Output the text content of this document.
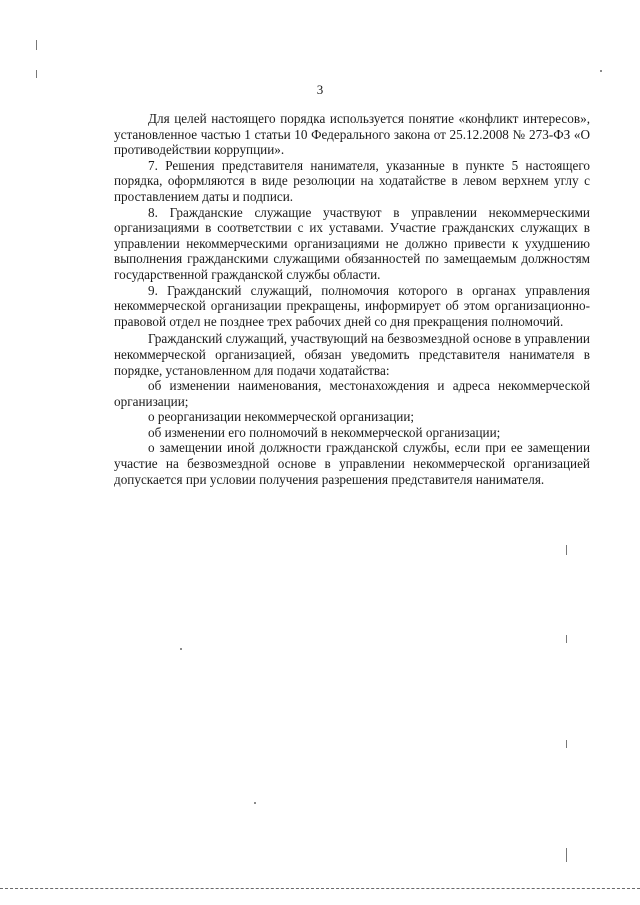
3

Для целей настоящего порядка используется понятие «конфликт интересов», установленное частью 1 статьи 10 Федерального закона от 25.12.2008 № 273-ФЗ «О противодействии коррупции».

7. Решения представителя нанимателя, указанные в пункте 5 настоящего порядка, оформляются в виде резолюции на ходатайстве в левом верхнем углу с проставлением даты и подписи.

8. Гражданские служащие участвуют в управлении некоммерческими организациями в соответствии с их уставами. Участие гражданских служащих в управлении некоммерческими организациями не должно привести к ухудшению выполнения гражданскими служащими обязанностей по замещаемым должностям государственной гражданской службы области.

9. Гражданский служащий, полномочия которого в органах управления некоммерческой организации прекращены, информирует об этом организационно-правовой отдел не позднее трех рабочих дней со дня прекращения полномочий.

Гражданский служащий, участвующий на безвозмездной основе в управлении некоммерческой организацией, обязан уведомить представителя нанимателя в порядке, установленном для подачи ходатайства:

об изменении наименования, местонахождения и адреса некоммерческой организации;

о реорганизации некоммерческой организации;

об изменении его полномочий в некоммерческой организации;

о замещении иной должности гражданской службы, если при ее замещении участие на безвозмездной основе в управлении некоммерческой организацией допускается при условии получения разрешения представителя нанимателя.
